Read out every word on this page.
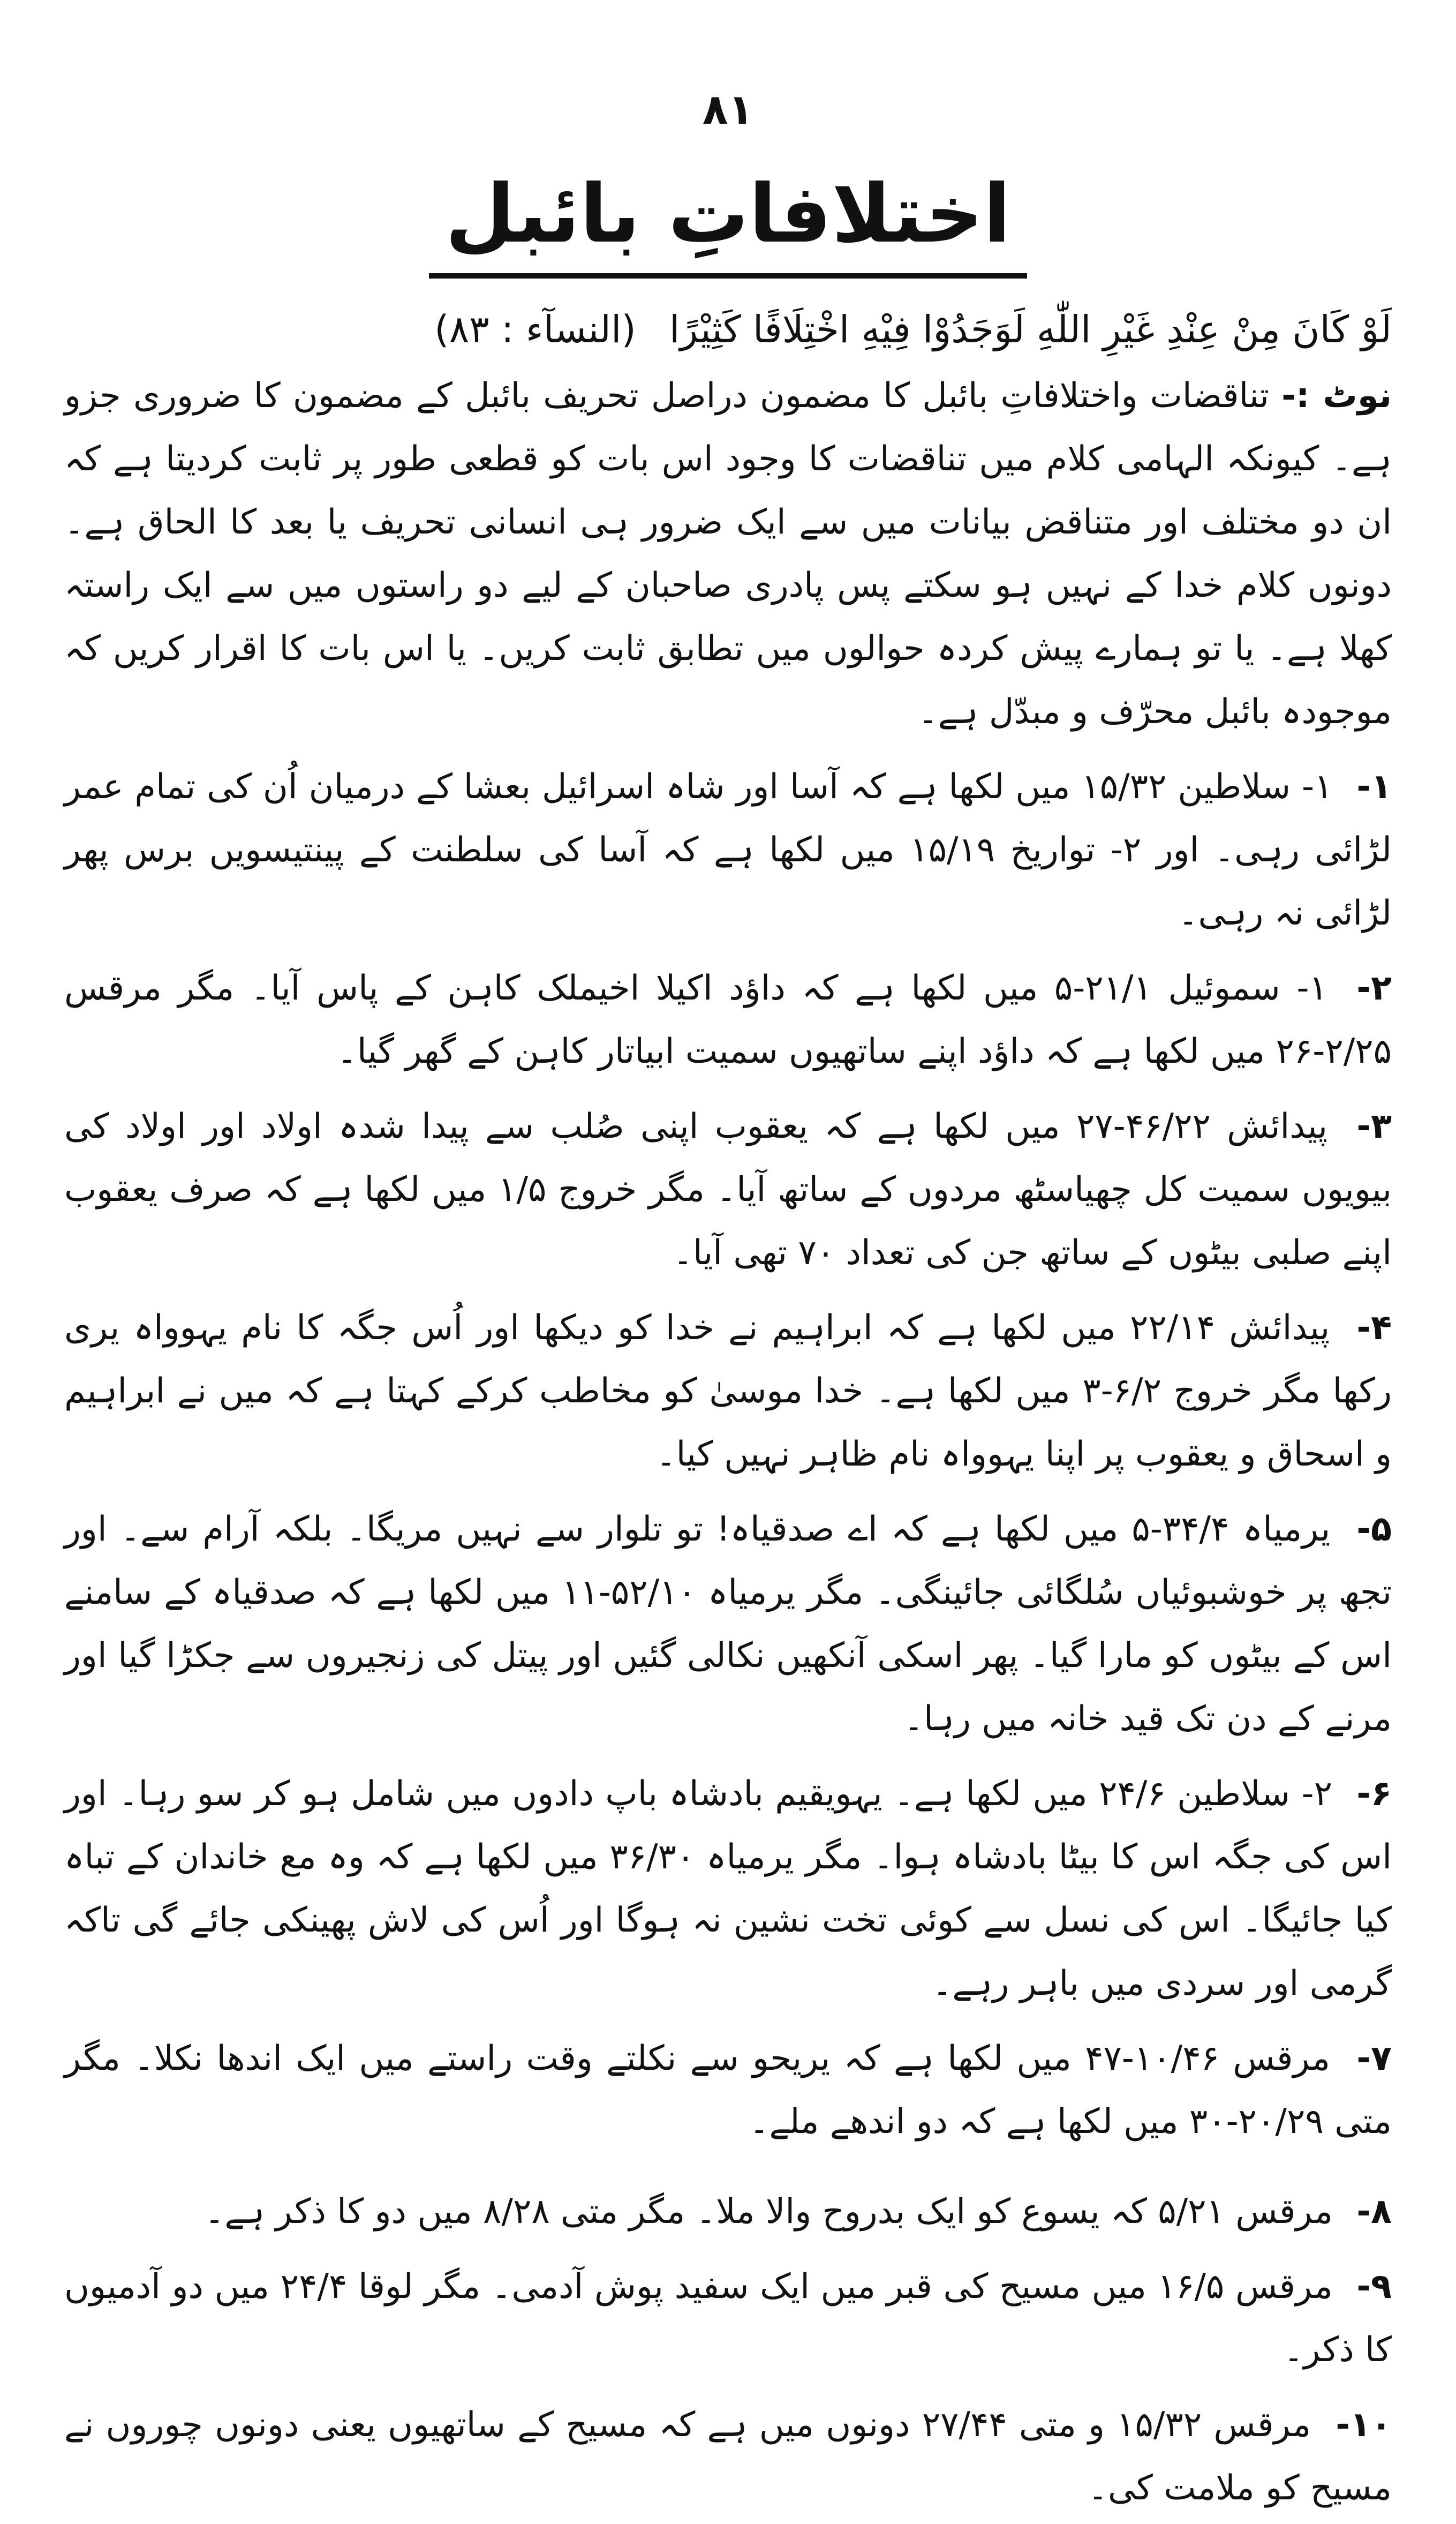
۸۱
اختلافاتِ بائبل
لَوْ كَانَ مِنْ عِنْدِ غَيْرِ اللّٰهِ لَوَجَدُوْا فِيْهِ اخْتِلَافًا كَثِيْرًا (النسآء : ۸۳)
نوٹ :- تناقضات واختلافاتِ بائبل کا مضمون دراصل تحریف بائبل کے مضمون کا ضروری جزو ہے۔ کیونکہ الہامی کلام میں تناقضات کا وجود اس بات کو قطعی طور پر ثابت کردیتا ہے کہ ان دو مختلف اور متناقض بیانات میں سے ایک ضرور ہی انسانی تحریف یا بعد کا الحاق ہے۔ دونوں کلام خدا کے نہیں ہو سکتے پس پادری صاحبان کے لیے دو راستوں میں سے ایک راستہ کھلا ہے۔ یا تو ہمارے پیش کردہ حوالوں میں تطابق ثابت کریں۔ یا اس بات کا اقرار کریں کہ موجودہ بائبل محرّف و مبدّل ہے۔
۱- ۱- سلاطین ۱۵/۳۲ میں لکھا ہے کہ آسا اور شاہ اسرائیل بعشا کے درمیان اُن کی تمام عمر لڑائی رہی۔ اور ۲- تواریخ ۱۵/۱۹ میں لکھا ہے کہ آسا کی سلطنت کے پینتیسویں برس پھر لڑائی نہ رہی۔
۲- ۱- سموئیل ۲۱/۱-۵ میں لکھا ہے کہ داؤد اکیلا اخیملک کاہن کے پاس آیا۔ مگر مرقس ۲/۲۵-۲۶ میں لکھا ہے کہ داؤد اپنے ساتھیوں سمیت ابیاتار کاہن کے گھر گیا۔
۳- پیدائش ۴۶/۲۲-۲۷ میں لکھا ہے کہ یعقوب اپنی صُلب سے پیدا شدہ اولاد اور اولاد کی بیویوں سمیت کل چھیاسٹھ مردوں کے ساتھ آیا۔ مگر خروج ۱/۵ میں لکھا ہے کہ صرف یعقوب اپنے صلبی بیٹوں کے ساتھ جن کی تعداد ۷۰ تھی آیا۔
۴- پیدائش ۲۲/۱۴ میں لکھا ہے کہ ابراہیم نے خدا کو دیکھا اور اُس جگہ کا نام یہوواہ یری رکھا مگر خروج ۶/۲-۳ میں لکھا ہے۔ خدا موسیٰ کو مخاطب کرکے کہتا ہے کہ میں نے ابراہیم و اسحاق و یعقوب پر اپنا یہوواہ نام ظاہر نہیں کیا۔
۵- یرمیاہ ۳۴/۴-۵ میں لکھا ہے کہ اے صدقیاہ! تو تلوار سے نہیں مریگا۔ بلکہ آرام سے۔ اور تجھ پر خوشبوئیاں سُلگائی جائینگی۔ مگر یرمیاہ ۵۲/۱۰-۱۱ میں لکھا ہے کہ صدقیاہ کے سامنے اس کے بیٹوں کو مارا گیا۔ پھر اسکی آنکھیں نکالی گئیں اور پیتل کی زنجیروں سے جکڑا گیا اور مرنے کے دن تک قید خانہ میں رہا۔
۶- ۲- سلاطین ۲۴/۶ میں لکھا ہے۔ یہویقیم بادشاہ باپ دادوں میں شامل ہو کر سو رہا۔ اور اس کی جگہ اس کا بیٹا بادشاہ ہوا۔ مگر یرمیاہ ۳۶/۳۰ میں لکھا ہے کہ وہ مع خاندان کے تباہ کیا جائیگا۔ اس کی نسل سے کوئی تخت نشین نہ ہوگا اور اُس کی لاش پھینکی جائے گی تاکہ گرمی اور سردی میں باہر رہے۔
۷- مرقس ۱۰/۴۶-۴۷ میں لکھا ہے کہ یریحو سے نکلتے وقت راستے میں ایک اندھا نکلا۔ مگر متی ۲۰/۲۹-۳۰ میں لکھا ہے کہ دو اندھے ملے۔
۸- مرقس ۵/۲۱ کہ یسوع کو ایک بدروح والا ملا۔ مگر متی ۸/۲۸ میں دو کا ذکر ہے۔
۹- مرقس ۱۶/۵ میں مسیح کی قبر میں ایک سفید پوش آدمی۔ مگر لوقا ۲۴/۴ میں دو آدمیوں کا ذکر۔
۱۰- مرقس ۱۵/۳۲ و متی ۲۷/۴۴ دونوں میں ہے کہ مسیح کے ساتھیوں یعنی دونوں چوروں نے مسیح کو ملامت کی۔
